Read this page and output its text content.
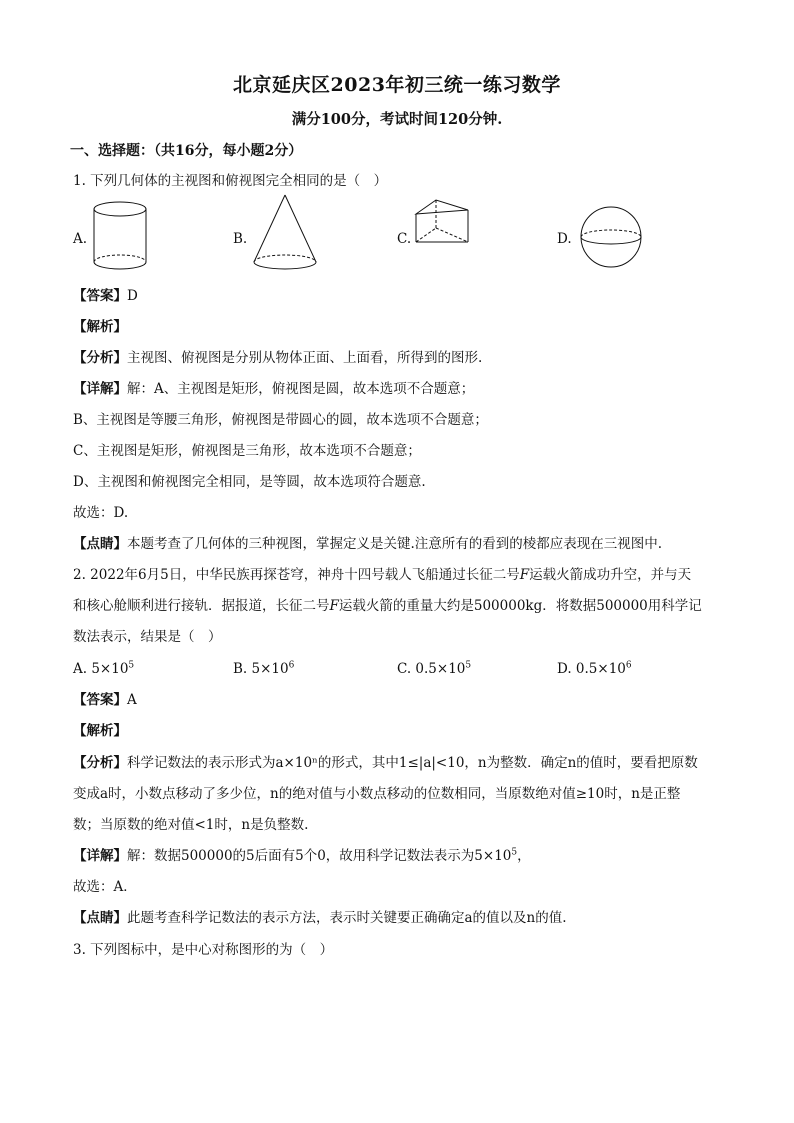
北京延庆区2023年初三统一练习数学
满分100分，考试时间120分钟.
一、选择题：（共16分，每小题2分）
1. 下列几何体的主视图和俯视图完全相同的是（　）
A.	B.	C.	D.
【答案】D
【解析】
【分析】主视图、俯视图是分别从物体正面、上面看，所得到的图形.
【详解】解：A、主视图是矩形，俯视图是圆，故本选项不合题意；
B、主视图是等腰三角形，俯视图是带圆心的圆，故本选项不合题意；
C、主视图是矩形，俯视图是三角形，故本选项不合题意；
D、主视图和俯视图完全相同，是等圆，故本选项符合题意.
故选：D.
【点睛】本题考查了几何体的三种视图，掌握定义是关键.注意所有的看到的棱都应表现在三视图中.
2. 2022年6月5日，中华民族再探苍穹，神舟十四号载人飞船通过长征二号F运载火箭成功升空，并与天
和核心舱顺利进行接轨．据报道，长征二号F运载火箭的重量大约是500000kg．将数据500000用科学记
数法表示，结果是（　）
A. $5\times 10^5$	B. $5\times 10^6$	C. $0.5\times 10^5$	D. $0.5\times 10^6$
【答案】A
【解析】
【分析】科学记数法的表示形式为a×10ⁿ的形式，其中1≤|a|<10，n为整数．确定n的值时，要看把原数
变成a时，小数点移动了多少位，n的绝对值与小数点移动的位数相同，当原数绝对值≥10时，n是正整
数；当原数的绝对值<1时，n是负整数.
【详解】解：数据500000的5后面有5个0，故用科学记数法表示为$5\times 10^5$，
故选：A．
【点睛】此题考查科学记数法的表示方法，表示时关键要正确确定a的值以及n的值.
3. 下列图标中，是中心对称图形的为（　）
